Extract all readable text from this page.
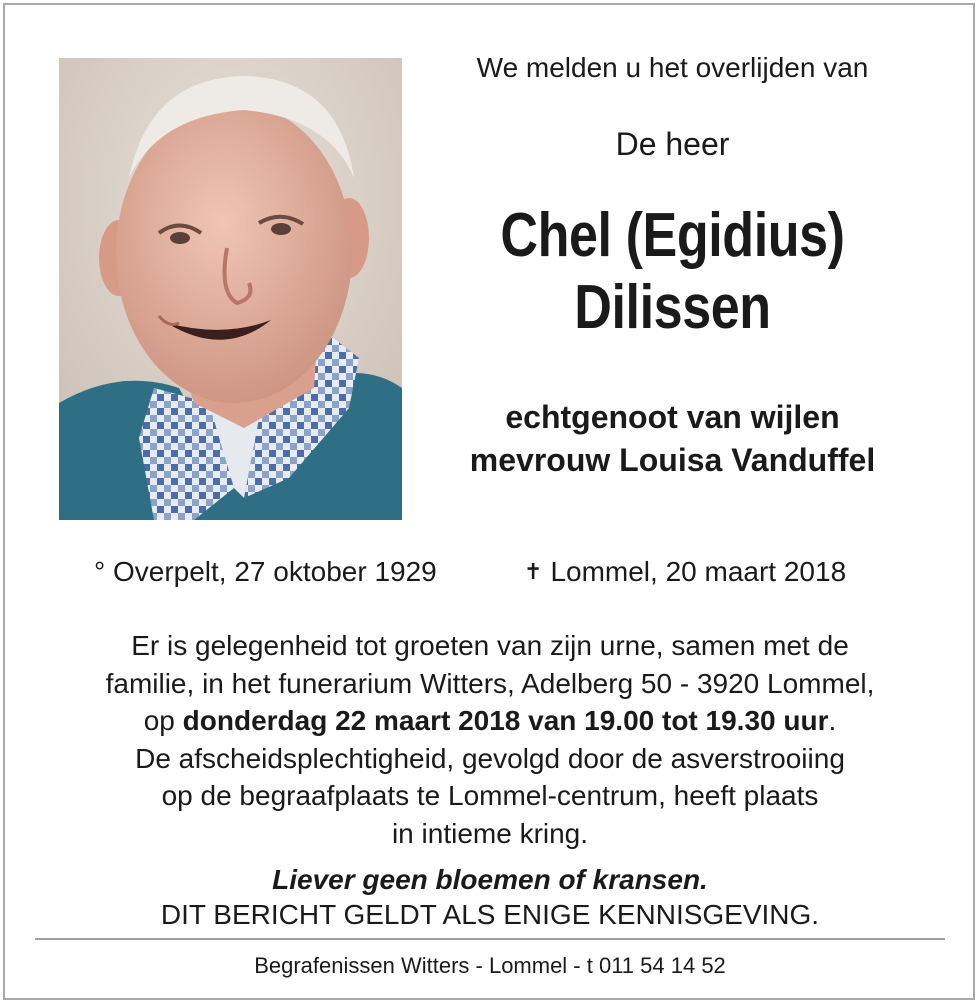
We melden u het overlijden van
De heer
Chel (Egidius)
Dilissen
echtgenoot van wijlen
mevrouw Louisa Vanduffel
° Overpelt, 27 oktober 1929	✝ Lommel, 20 maart 2018
Er is gelegenheid tot groeten van zijn urne, samen met de
familie, in het funerarium Witters, Adelberg 50 - 3920 Lommel,
op donderdag 22 maart 2018 van 19.00 tot 19.30 uur.
De afscheidsplechtigheid, gevolgd door de asverstrooiing
op de begraafplaats te Lommel-centrum, heeft plaats
in intieme kring.
Liever geen bloemen of kransen.
DIT BERICHT GELDT ALS ENIGE KENNISGEVING.
Begrafenissen Witters - Lommel - t 011 54 14 52
